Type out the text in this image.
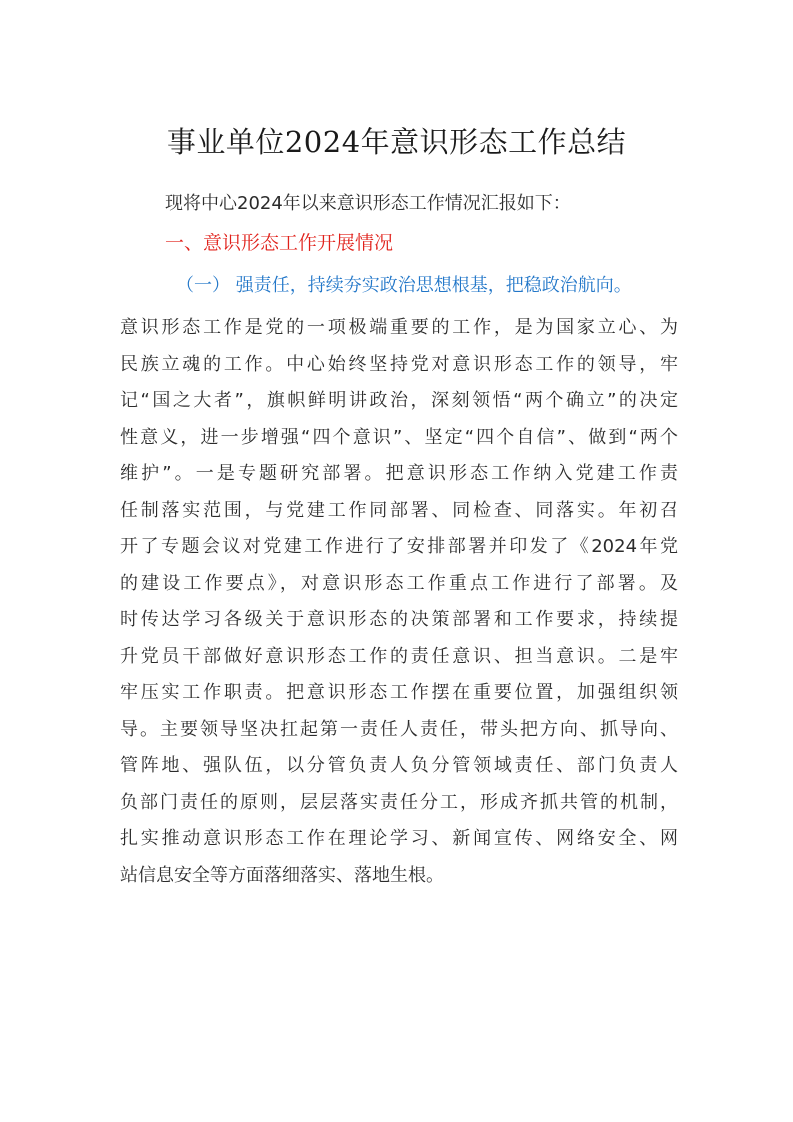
事业单位2024年意识形态工作总结
现将中心2024年以来意识形态工作情况汇报如下：
一、意识形态工作开展情况
（一） 强责任，持续夯实政治思想根基，把稳政治航向。
意识形态工作是党的一项极端重要的工作，是为国家立心、为
民族立魂的工作。中心始终坚持党对意识形态工作的领导，牢
记“国之大者”，旗帜鲜明讲政治，深刻领悟“两个确立”的决定
性意义，进一步增强“四个意识”、坚定“四个自信”、做到“两个
维护”。一是专题研究部署。把意识形态工作纳入党建工作责
任制落实范围，与党建工作同部署、同检查、同落实。年初召
开了专题会议对党建工作进行了安排部署并印发了《2024年党
的建设工作要点》，对意识形态工作重点工作进行了部署。及
时传达学习各级关于意识形态的决策部署和工作要求，持续提
升党员干部做好意识形态工作的责任意识、担当意识。二是牢
牢压实工作职责。把意识形态工作摆在重要位置，加强组织领
导。主要领导坚决扛起第一责任人责任，带头把方向、抓导向、
管阵地、强队伍，以分管负责人负分管领域责任、部门负责人
负部门责任的原则，层层落实责任分工，形成齐抓共管的机制，
扎实推动意识形态工作在理论学习、新闻宣传、网络安全、网
站信息安全等方面落细落实、落地生根。
